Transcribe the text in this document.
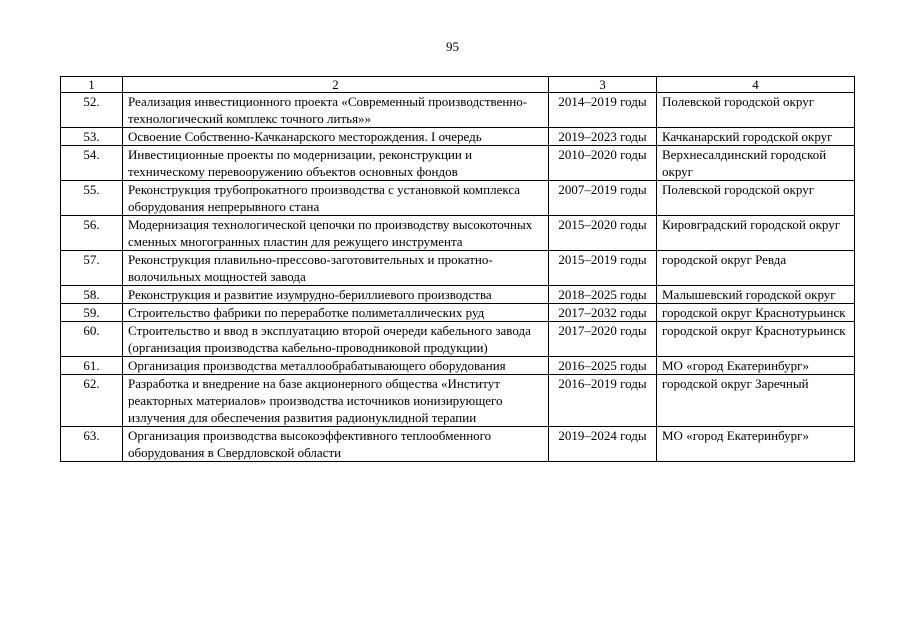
95
1	2	3	4
52.	Реализация инвестиционного проекта «Современный производственно-технологический комплекс точного литья»»	2014–2019 годы	Полевской городской округ
53.	Освоение Собственно-Качканарского месторождения. I очередь	2019–2023 годы	Качканарский городской округ
54.	Инвестиционные проекты по модернизации, реконструкции и техническому перевооружению объектов основных фондов	2010–2020 годы	Верхнесалдинский городской округ
55.	Реконструкция трубопрокатного производства с установкой комплекса оборудования непрерывного стана	2007–2019 годы	Полевской городской округ
56.	Модернизация технологической цепочки по производству высокоточных сменных многогранных пластин для режущего инструмента	2015–2020 годы	Кировградский городской округ
57.	Реконструкция плавильно-прессово-заготовительных и прокатно-волочильных мощностей завода	2015–2019 годы	городской округ Ревда
58.	Реконструкция и развитие изумрудно-бериллиевого производства	2018–2025 годы	Малышевский городской округ
59.	Строительство фабрики по переработке полиметаллических руд	2017–2032 годы	городской округ Краснотурьинск
60.	Строительство и ввод в эксплуатацию второй очереди кабельного завода (организация производства кабельно-проводниковой продукции)	2017–2020 годы	городской округ Краснотурьинск
61.	Организация производства металлообрабатывающего оборудования	2016–2025 годы	МО «город Екатеринбург»
62.	Разработка и внедрение на базе акционерного общества «Институт реакторных материалов» производства источников ионизирующего излучения для обеспечения развития радионуклидной терапии	2016–2019 годы	городской округ Заречный
63.	Организация производства высокоэффективного теплообменного оборудования в Свердловской области	2019–2024 годы	МО «город Екатеринбург»
